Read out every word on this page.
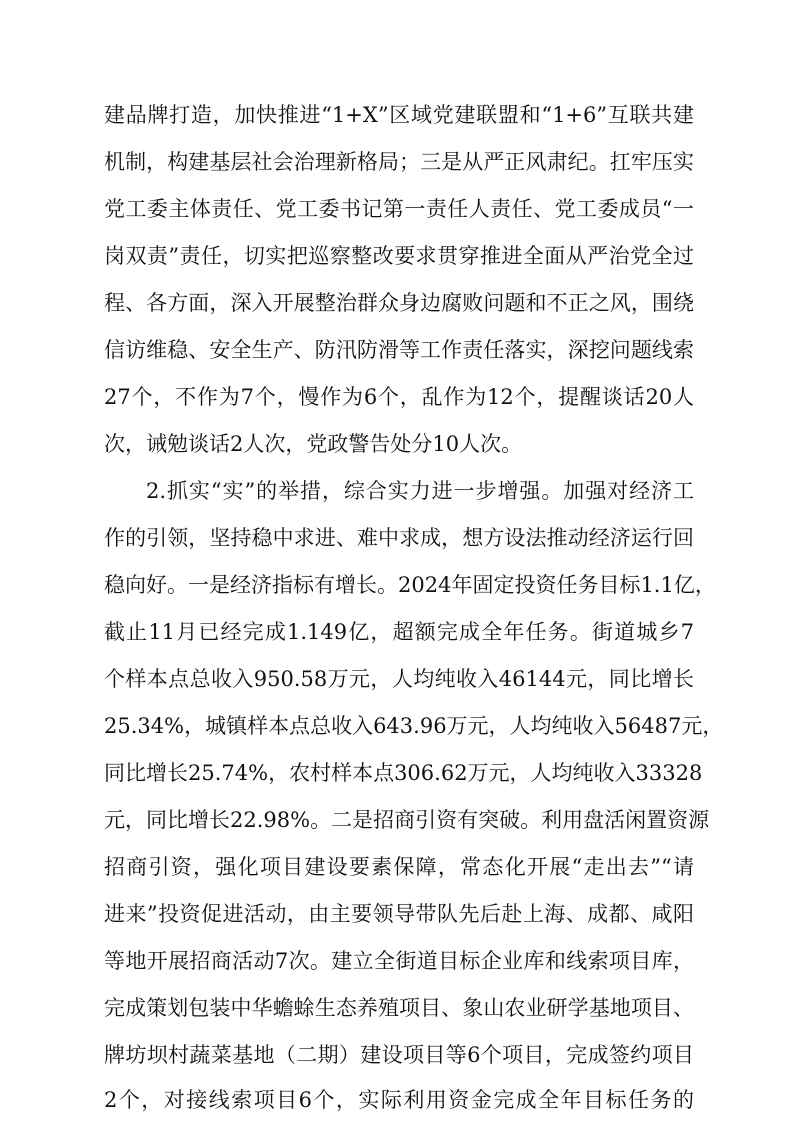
建品牌打造，加快推进“1+X”区域党建联盟和“1+6”互联共建
机制，构建基层社会治理新格局；三是从严正风肃纪。扛牢压实
党工委主体责任、党工委书记第一责任人责任、党工委成员“一
岗双责”责任，切实把巡察整改要求贯穿推进全面从严治党全过
程、各方面，深入开展整治群众身边腐败问题和不正之风，围绕
信访维稳、安全生产、防汛防滑等工作责任落实，深挖问题线索
27个，不作为7个，慢作为6个，乱作为12个，提醒谈话20人
次，诫勉谈话2人次，党政警告处分10人次。
2.抓实“实”的举措，综合实力进一步增强。加强对经济工
作的引领，坚持稳中求进、难中求成，想方设法推动经济运行回
稳向好。一是经济指标有增长。2024年固定投资任务目标1.1亿，
截止11月已经完成1.149亿，超额完成全年任务。街道城乡7
个样本点总收入950.58万元，人均纯收入46144元，同比增长
25.34%，城镇样本点总收入643.96万元，人均纯收入56487元，
同比增长25.74%，农村样本点306.62万元，人均纯收入33328
元，同比增长22.98%。二是招商引资有突破。利用盘活闲置资源
招商引资，强化项目建设要素保障，常态化开展“走出去”“请
进来”投资促进活动，由主要领导带队先后赴上海、成都、咸阳
等地开展招商活动7次。建立全街道目标企业库和线索项目库，
完成策划包装中华蟾蜍生态养殖项目、象山农业研学基地项目、
牌坊坝村蔬菜基地（二期）建设项目等6个项目，完成签约项目
2个，对接线索项目6个，实际利用资金完成全年目标任务的
